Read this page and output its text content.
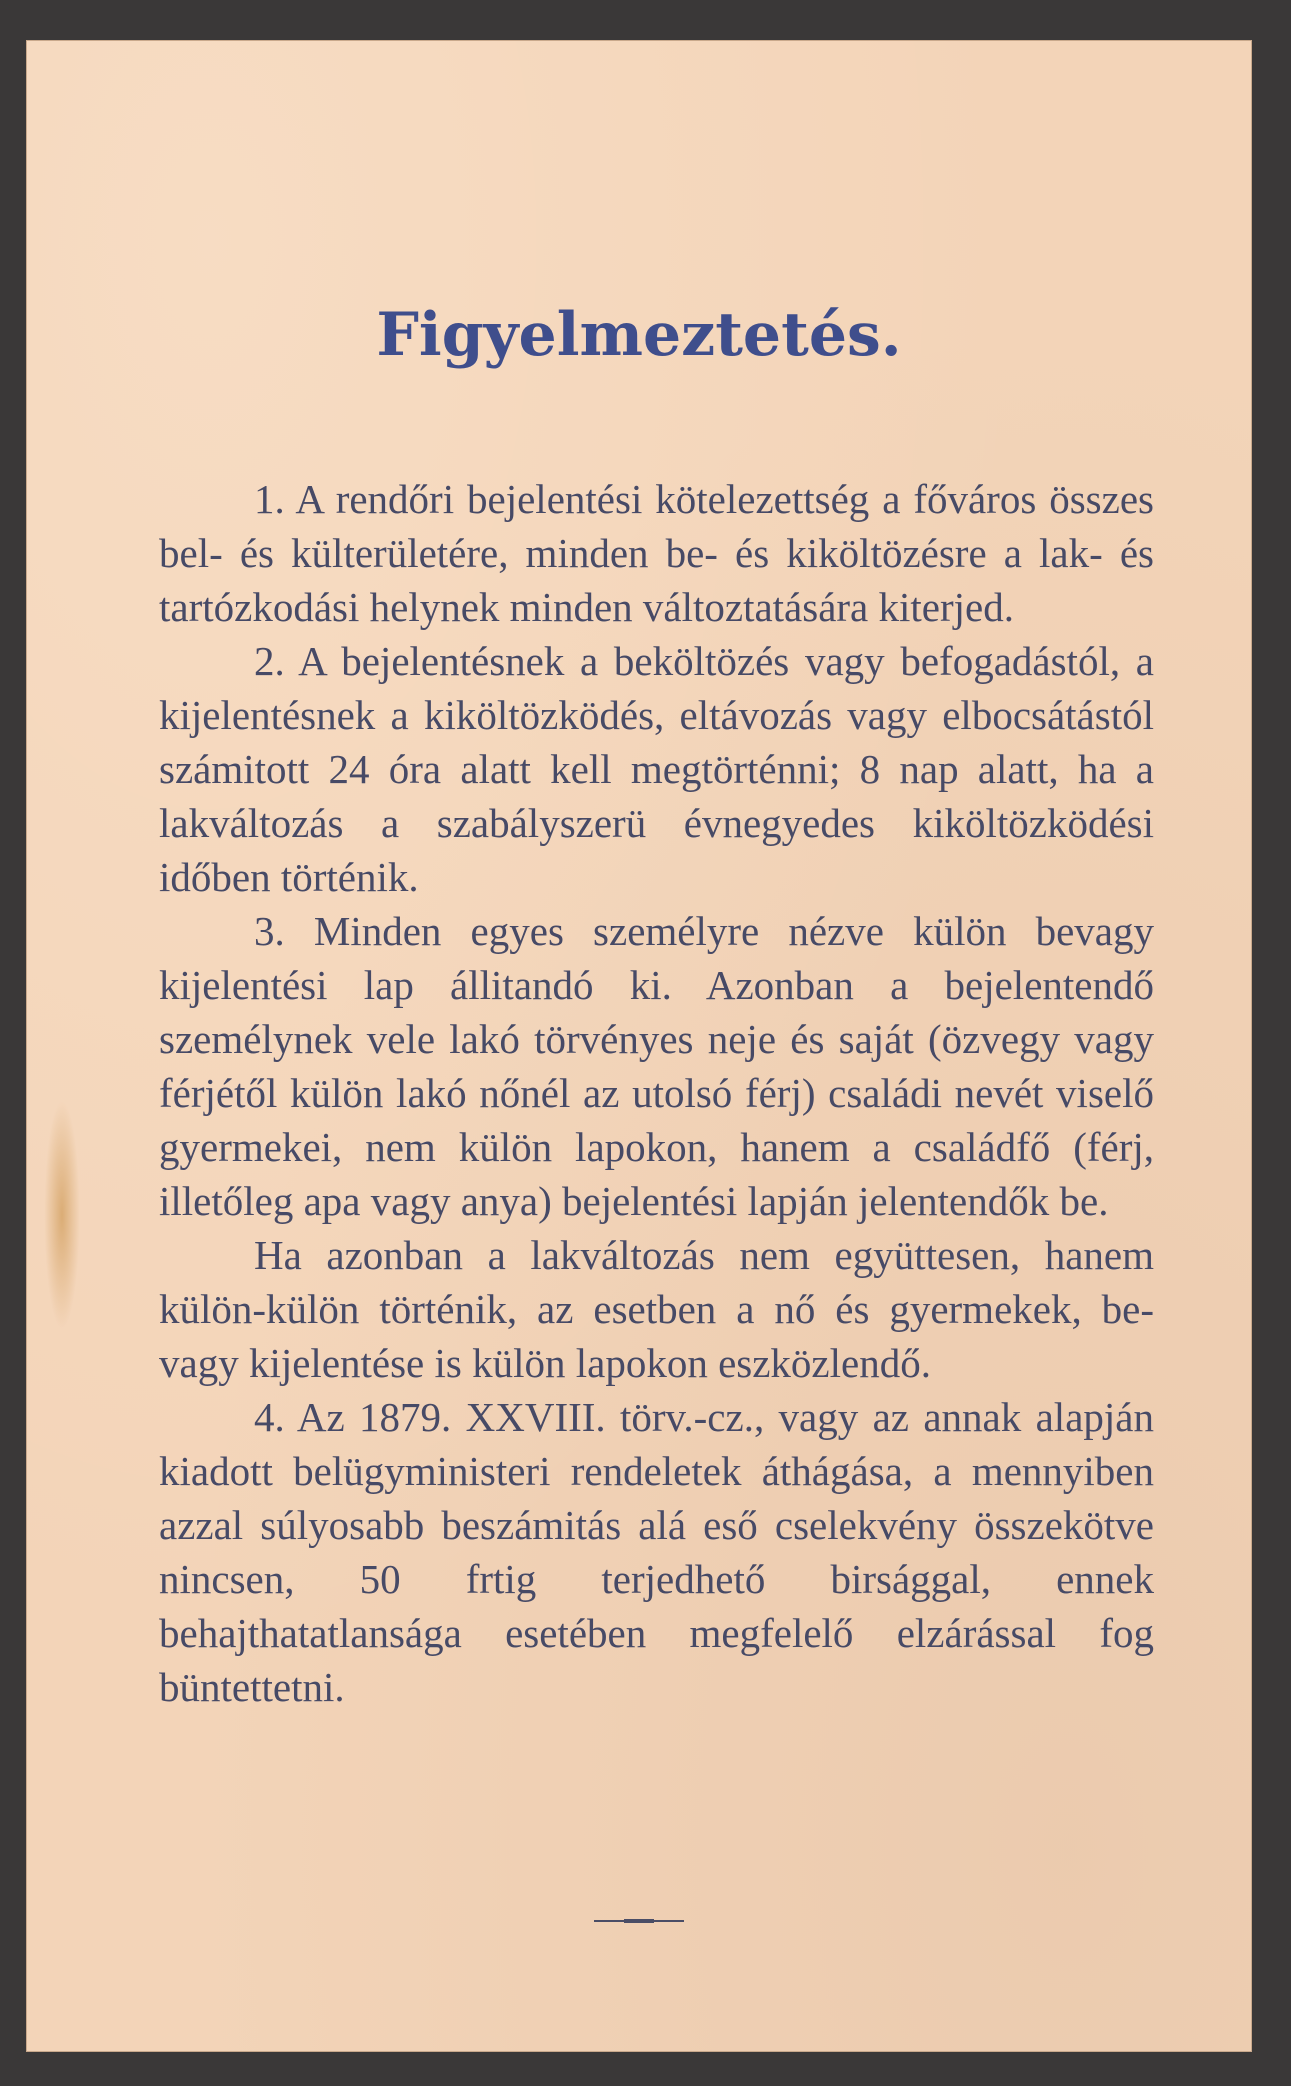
Figyelmeztetés.

1. A rendőri bejelentési kötelezettség a főváros összes bel- és külterületére, minden be- és kiköltözésre a lak- és tartózkodási helynek minden változtatására kiterjed.

2. A bejelentésnek a beköltözés vagy befogadástól, a kijelentésnek a kiköltözködés, eltávozás vagy elbocsátástól számitott 24 óra alatt kell megtörténni; 8 nap alatt, ha a lakváltozás a szabályszerü évnegyedes kiköltözködési időben történik.

3. Minden egyes személyre nézve külön bevagy kijelentési lap állitandó ki. Azonban a bejelentendő személynek vele lakó törvényes neje és saját (özvegy vagy férjétől külön lakó nőnél az utolsó férj) családi nevét viselő gyermekei, nem külön lapokon, hanem a családfő (férj, illetőleg apa vagy anya) bejelentési lapján jelentendők be.

Ha azonban a lakváltozás nem együttesen, hanem külön-külön történik, az esetben a nő és gyermekek, be- vagy kijelentése is külön lapokon eszközlendő.

4. Az 1879. XXVIII. törv.-cz., vagy az annak alapján kiadott belügyministeri rendeletek áthágása, a mennyiben azzal súlyosabb beszámitás alá eső cselekvény összekötve nincsen, 50 frtig terjedhető birsággal, ennek behajthatatlansága esetében megfelelő elzárással fog büntettetni.
